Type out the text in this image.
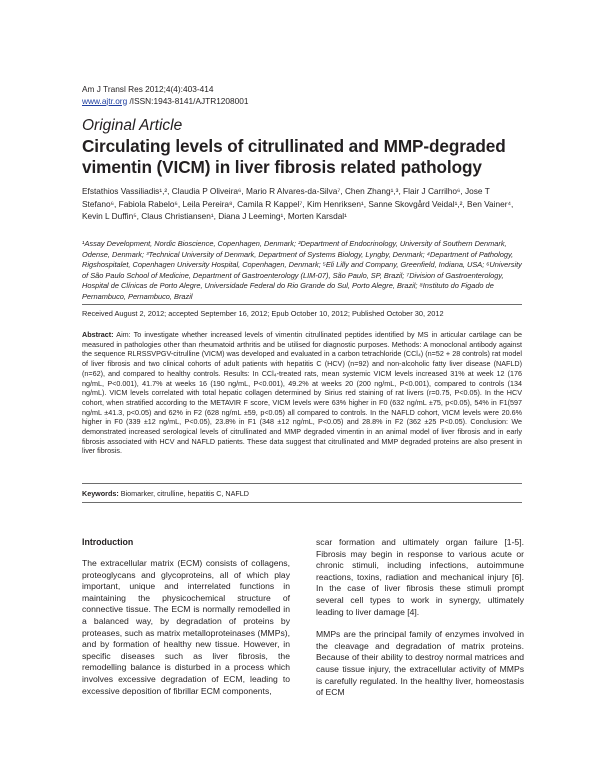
Am J Transl Res 2012;4(4):403-414
www.ajtr.org /ISSN:1943-8141/AJTR1208001
Original Article
Circulating levels of citrullinated and MMP-degraded vimentin (VICM) in liver fibrosis related pathology
Efstathios Vassiliadis¹,², Claudia P Oliveira⁶, Mario R Alvares-da-Silva⁷, Chen Zhang¹,³, Flair J Carrilho⁶, Jose T Stefano⁶, Fabiola Rabelo⁶, Leila Pereira⁸, Camila R Kappel⁷, Kim Henriksen¹, Sanne Skovgård Veidal¹,², Ben Vainer⁴, Kevin L Duffin⁵, Claus Christiansen¹, Diana J Leeming¹, Morten Karsdal¹
¹Assay Development, Nordic Bioscience, Copenhagen, Denmark; ²Department of Endocrinology, University of Southern Denmark, Odense, Denmark; ³Technical University of Denmark, Department of Systems Biology, Lyngby, Denmark; ⁴Department of Pathology, Rigshospitalet, Copenhagen University Hospital, Copenhagen, Denmark; ⁵Eli Lilly and Company, Greenfield, Indiana, USA; ⁶University of São Paulo School of Medicine, Department of Gastroenterology (LIM-07), São Paulo, SP, Brazil; ⁷Division of Gastroenterology, Hospital de Clínicas de Porto Alegre, Universidade Federal do Rio Grande do Sul, Porto Alegre, Brazil; ⁸Instituto do Figado de Pernambuco, Pernambuco, Brazil
Received August 2, 2012; accepted September 16, 2012; Epub October 10, 2012; Published October 30, 2012
Abstract: Aim: To investigate whether increased levels of vimentin citrullinated peptides identified by MS in articular cartilage can be measured in pathologies other than rheumatoid arthritis and be utilised for diagnostic purposes. Methods: A monoclonal antibody against the sequence RLRSSVPGV-citrulline (VICM) was developed and evaluated in a carbon tetrachloride (CCl₄) (n=52 + 28 controls) rat model of liver fibrosis and two clinical cohorts of adult patients with hepatitis C (HCV) (n=92) and non-alcoholic fatty liver disease (NAFLD) (n=62), and compared to healthy controls. Results: In CCl₄-treated rats, mean systemic VICM levels increased 31% at week 12 (176 ng/mL, P<0.001), 41.7% at weeks 16 (190 ng/mL, P<0.001), 49.2% at weeks 20 (200 ng/mL, P<0.001), compared to controls (134 ng/mL). VICM levels correlated with total hepatic collagen determined by Sirius red staining of rat livers (r=0.75, P<0.05). In the HCV cohort, when stratified according to the METAVIR F score, VICM levels were 63% higher in F0 (632 ng/mL ±75, p<0.05), 54% in F1(597 ng/mL ±41.3, p<0.05) and 62% in F2 (628 ng/mL ±59, p<0.05) all compared to controls. In the NAFLD cohort, VICM levels were 20.6% higher in F0 (339 ±12 ng/mL, P<0.05), 23.8% in F1 (348 ±12 ng/mL, P<0.05) and 28.8% in F2 (362 ±25 P<0.05). Conclusion: We demonstrated increased serological levels of citrullinated and MMP degraded vimentin in an animal model of liver fibrosis and in early fibrosis associated with HCV and NAFLD patients. These data suggest that citrullinated and MMP degraded proteins are also present in liver fibrosis.
Keywords: Biomarker, citrulline, hepatitis C, NAFLD
Introduction

The extracellular matrix (ECM) consists of collagens, proteoglycans and glycoproteins, all of which play important, unique and interrelated functions in maintaining the physicochemical structure of connective tissue. The ECM is normally remodelled in a balanced way, by degradation of proteins by proteases, such as matrix metalloproteinases (MMPs), and by formation of healthy new tissue. However, in specific diseases such as liver fibrosis, the remodelling balance is disturbed in a process which involves excessive degradation of ECM, leading to excessive deposition of fibrillar ECM components,

scar formation and ultimately organ failure [1-5]. Fibrosis may begin in response to various acute or chronic stimuli, including infections, autoimmune reactions, toxins, radiation and mechanical injury [6]. In the case of liver fibrosis these stimuli prompt several cell types to work in synergy, ultimately leading to liver damage [4].

MMPs are the principal family of enzymes involved in the cleavage and degradation of matrix proteins. Because of their ability to destroy normal matrices and cause tissue injury, the extracellular activity of MMPs is carefully regulated. In the healthy liver, homeostasis of ECM
